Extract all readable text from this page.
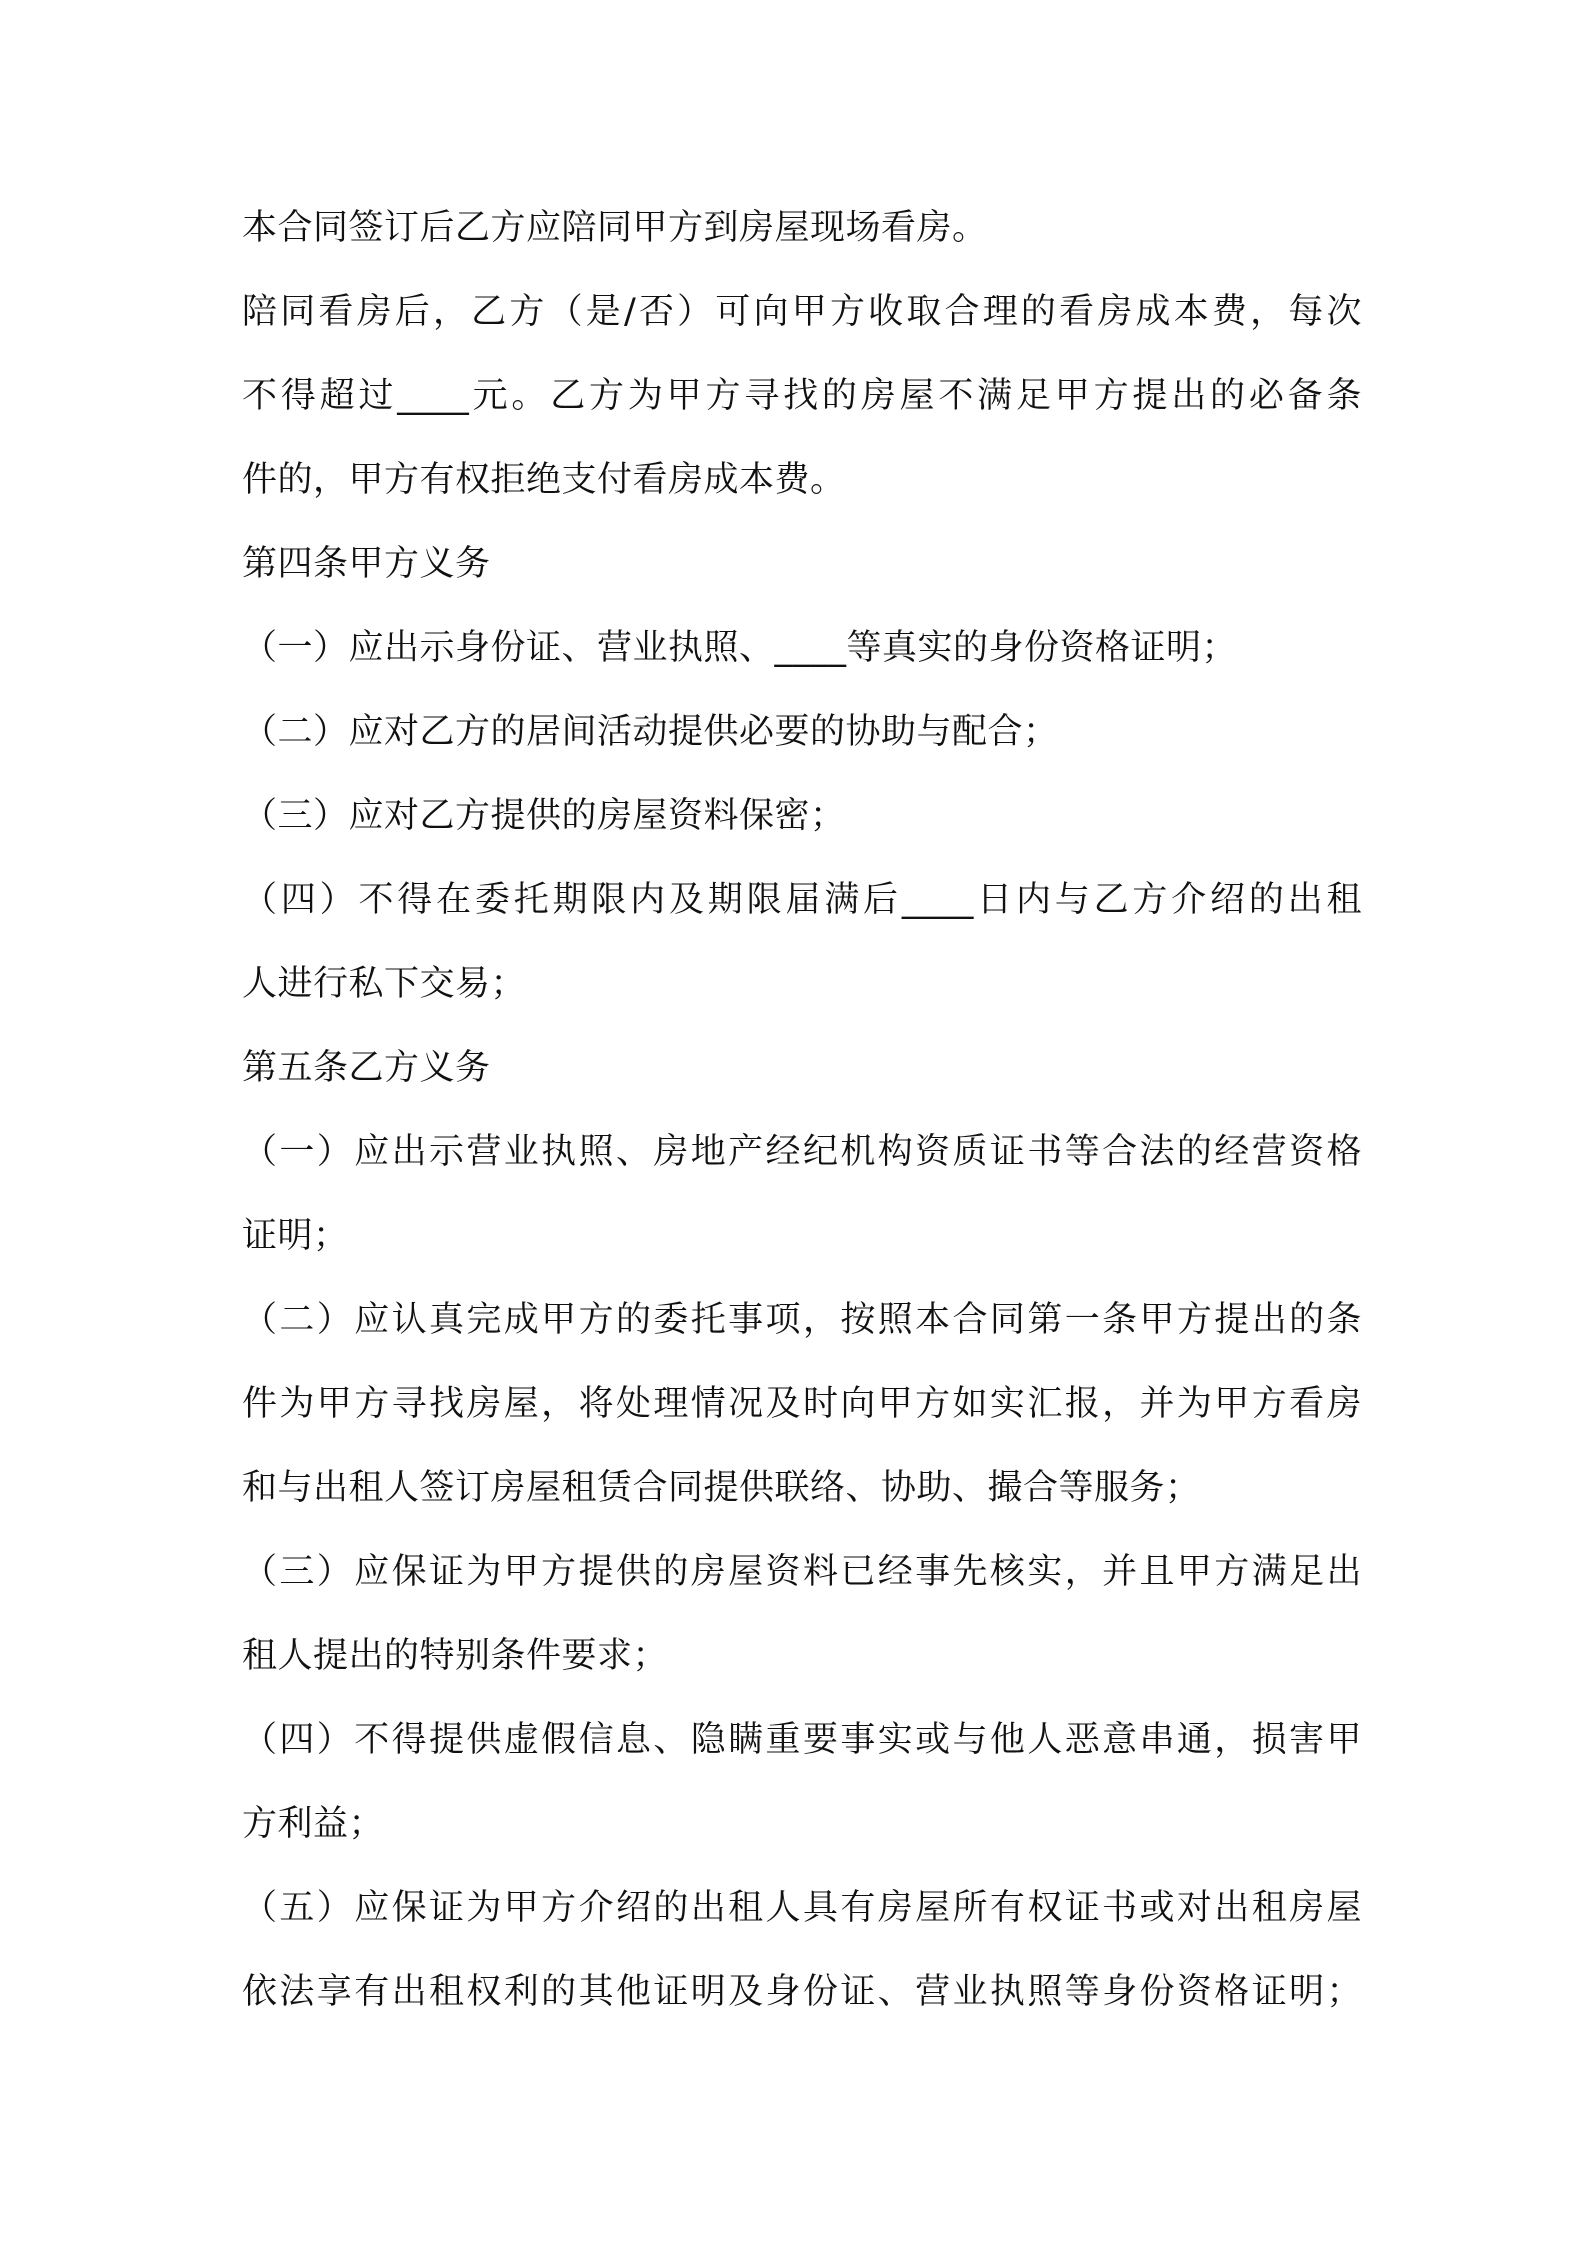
本合同签订后乙方应陪同甲方到房屋现场看房。
陪同看房后，乙方（是/否）可向甲方收取合理的看房成本费，每次
不得超过____元。乙方为甲方寻找的房屋不满足甲方提出的必备条
件的，甲方有权拒绝支付看房成本费。
第四条甲方义务
（一）应出示身份证、营业执照、____等真实的身份资格证明；
（二）应对乙方的居间活动提供必要的协助与配合；
（三）应对乙方提供的房屋资料保密；
（四）不得在委托期限内及期限届满后____日内与乙方介绍的出租
人进行私下交易；
第五条乙方义务
（一）应出示营业执照、房地产经纪机构资质证书等合法的经营资格
证明；
（二）应认真完成甲方的委托事项，按照本合同第一条甲方提出的条
件为甲方寻找房屋，将处理情况及时向甲方如实汇报，并为甲方看房
和与出租人签订房屋租赁合同提供联络、协助、撮合等服务；
（三）应保证为甲方提供的房屋资料已经事先核实，并且甲方满足出
租人提出的特别条件要求；
（四）不得提供虚假信息、隐瞒重要事实或与他人恶意串通，损害甲
方利益；
（五）应保证为甲方介绍的出租人具有房屋所有权证书或对出租房屋
依法享有出租权利的其他证明及身份证、营业执照等身份资格证明；
